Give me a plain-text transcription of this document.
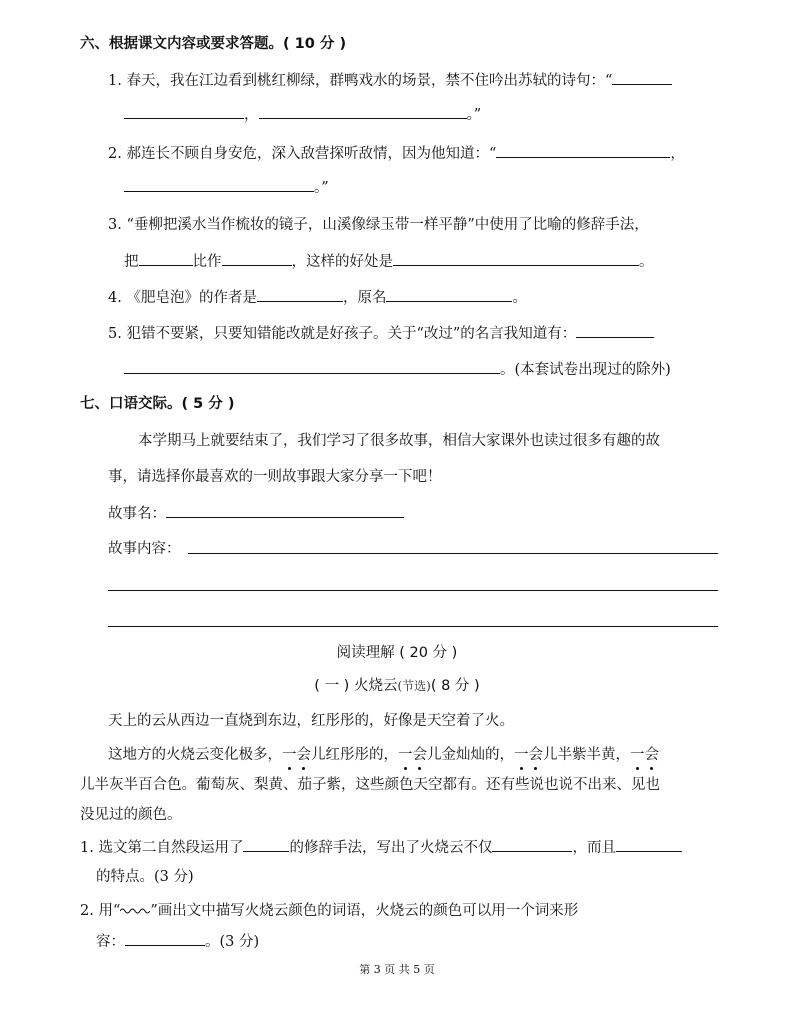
六、根据课文内容或要求答题。( 10 分 )
1. 春天，我在江边看到桃红柳绿，群鸭戏水的场景，禁不住吟出苏轼的诗句：“
，	。”
2. 郝连长不顾自身安危，深入敌营探听敌情，因为他知道：“	，
。”
3. “垂柳把溪水当作梳妆的镜子，山溪像绿玉带一样平静”中使用了比喻的修辞手法，
把	比作	，这样的好处是	。
4. 《肥皂泡》的作者是	，原名	。
5. 犯错不要紧，只要知错能改就是好孩子。关于“改过”的名言我知道有：
。(本套试卷出现过的除外)
七、口语交际。( 5 分 )
本学期马上就要结束了，我们学习了很多故事，相信大家课外也读过很多有趣的故
事，请选择你最喜欢的一则故事跟大家分享一下吧！
故事名：
故事内容：
阅读理解 ( 20 分 )
( 一 ) 火烧云(节选)( 8 分 )
天上的云从西边一直烧到东边，红彤彤的，好像是天空着了火。
这地方的火烧云变化极多，一会儿红彤彤的，一会儿金灿灿的，一会儿半紫半黄，一会
儿半灰半百合色。葡萄灰、梨黄、茄子紫，这些颜色天空都有。还有些说也说不出来、见也
没见过的颜色。
1. 选文第二自然段运用了	的修辞手法，写出了火烧云不仅	，而且
的特点。(3 分)
2. 用“ ”画出文中描写火烧云颜色的词语，火烧云的颜色可以用一个词来形
容：	。(3 分)
第 3 页 共 5 页
